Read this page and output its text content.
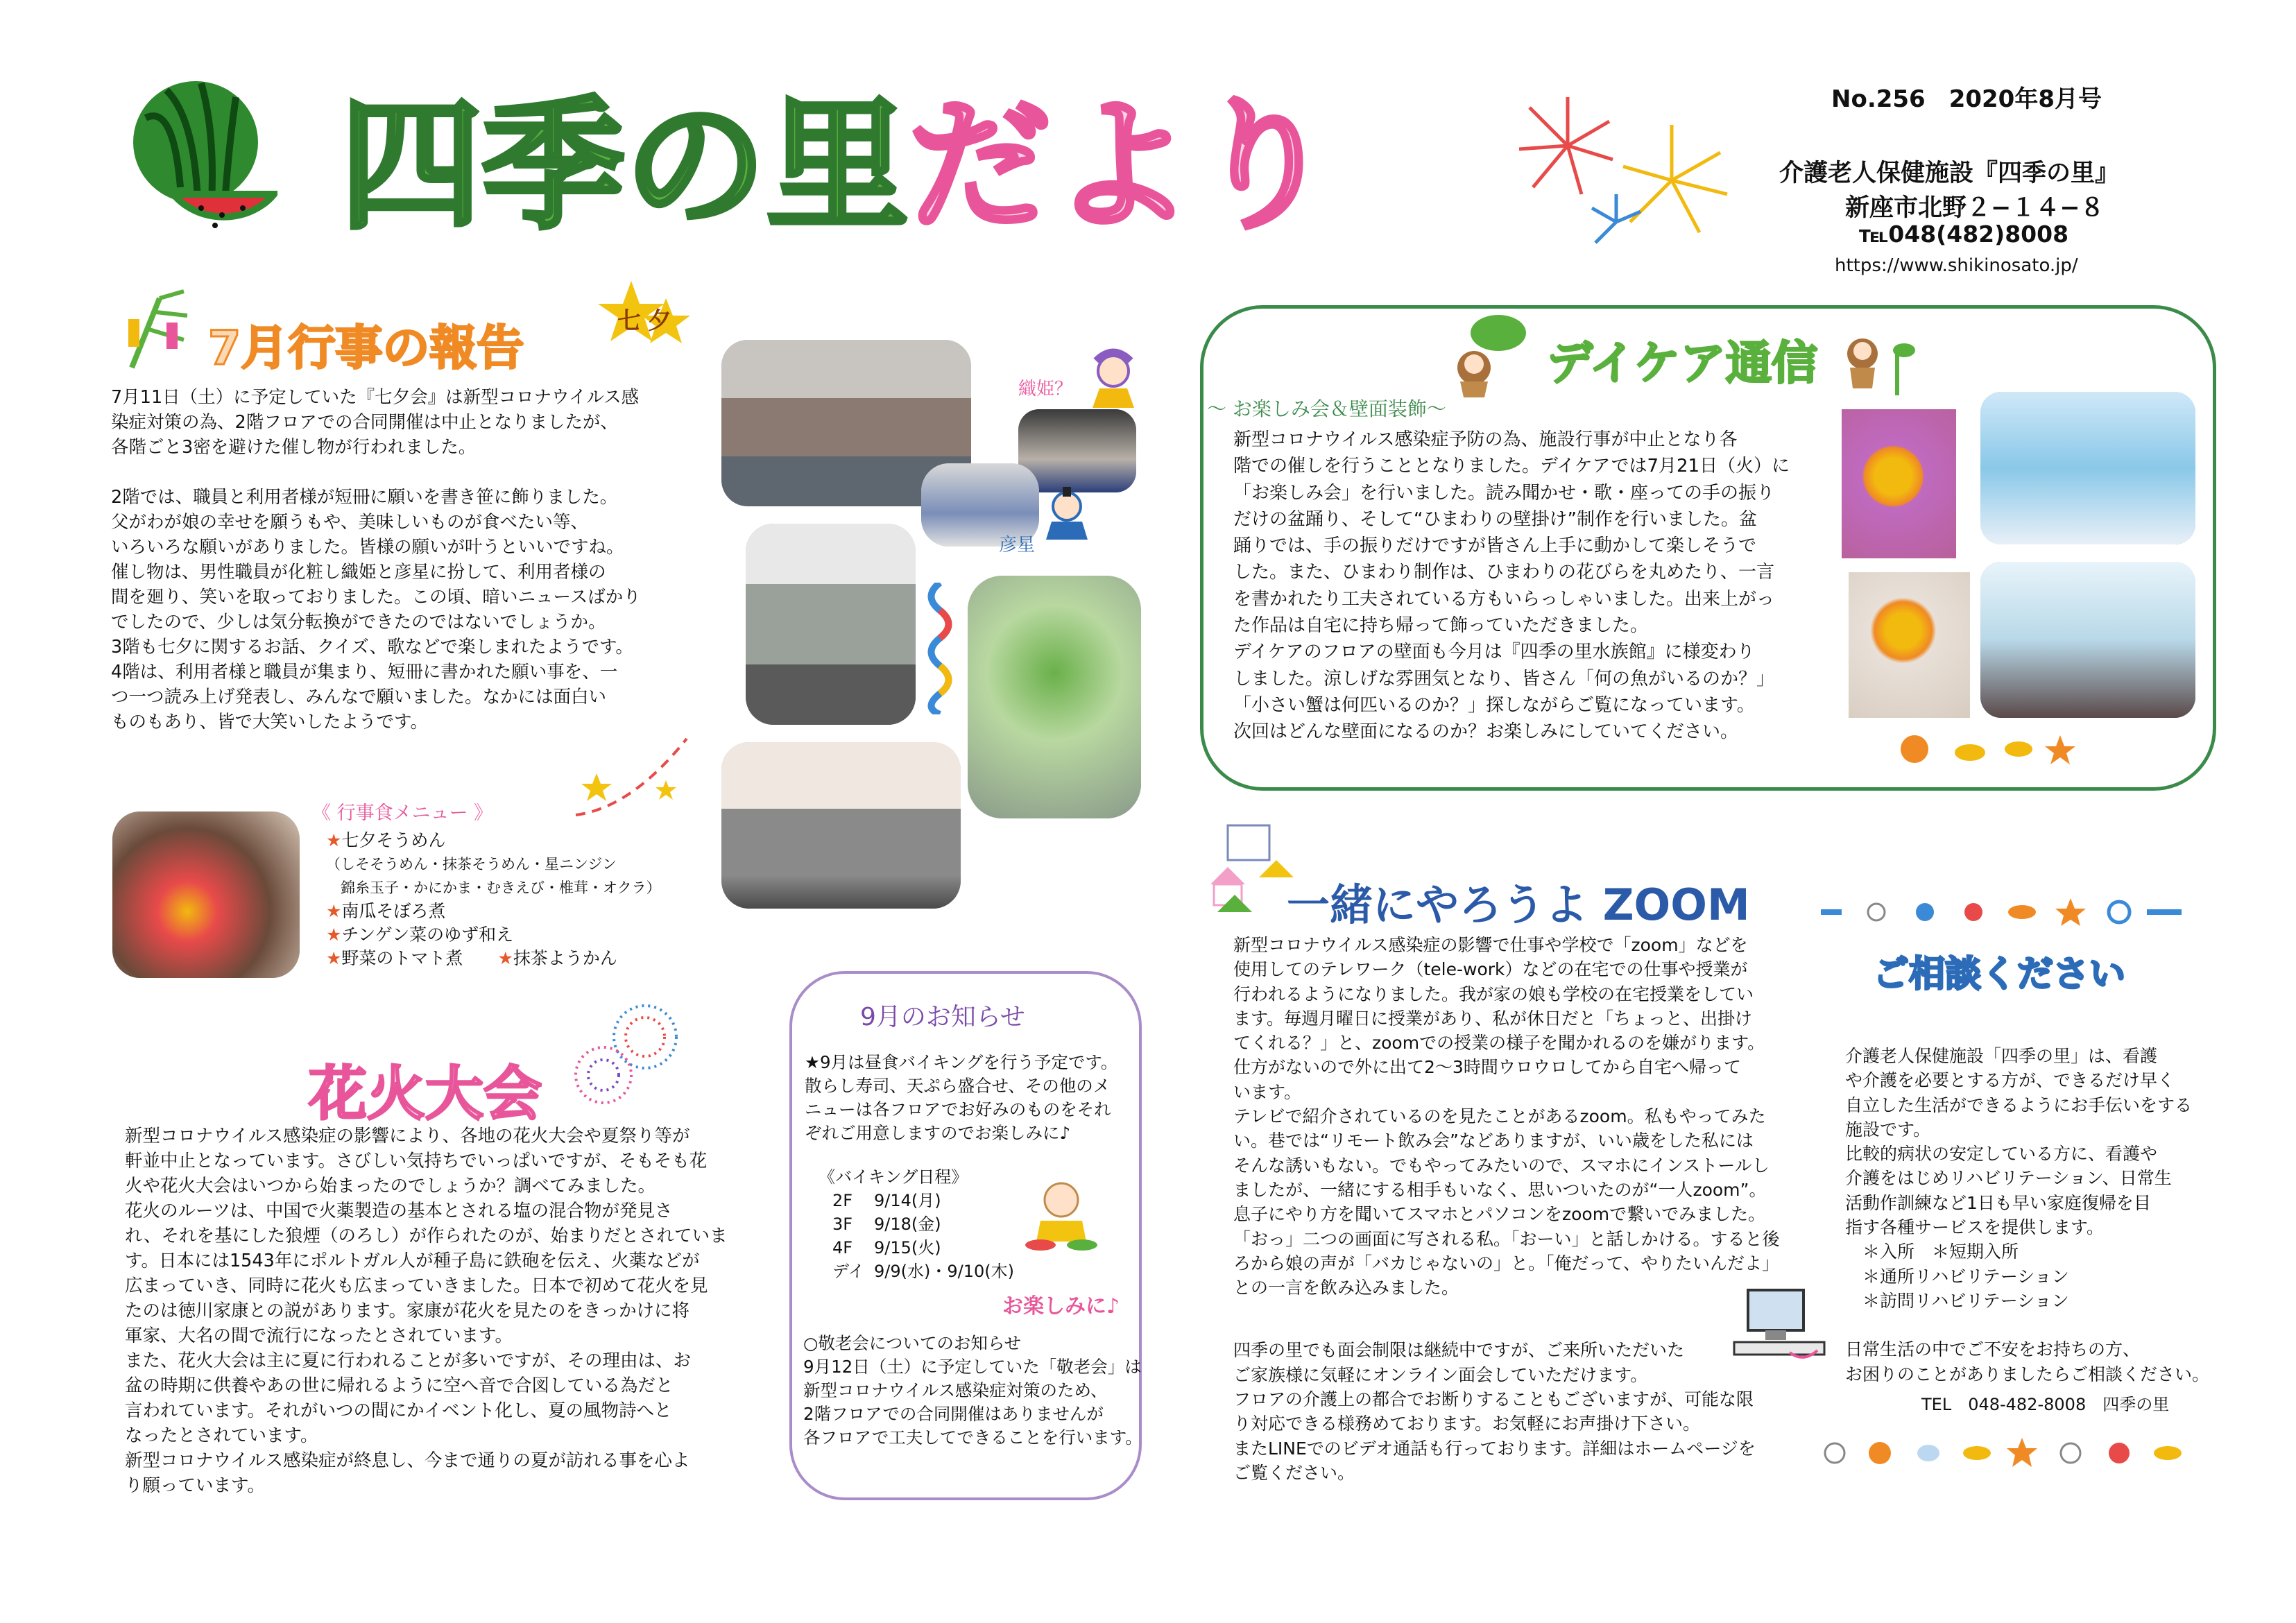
四季の里だより	No.256　2020年8月号
介護老人保健施設『四季の里』
新座市北野２−１４−８
℡048(482)8008
https://www.shikinosato.jp/
7月行事の報告	七夕

7月11日（土）に予定していた『七夕会』は新型コロナウイルス感

染症対策の為、2階フロアでの合同開催は中止となりましたが、

各階ごと3密を避けた催し物が行われました。

2階では、職員と利用者様が短冊に願いを書き笹に飾りました。

父がわが娘の幸せを願うもや、美味しいものが食べたい等、

いろいろな願いがありました。皆様の願いが叶うといいですね。

催し物は、男性職員が化粧し織姫と彦星に扮して、利用者様の

間を廻り、笑いを取っておりました。この頃、暗いニュースばかり

でしたので、少しは気分転換ができたのではないでしょうか。

3階も七夕に関するお話、クイズ、歌などで楽しまれたようです。

4階は、利用者様と職員が集まり、短冊に書かれた願い事を、一

つ一つ読み上げ発表し、みんなで願いました。なかには面白い

ものもあり、皆で大笑いしたようです。

織姫？
彦星
《 行事食メニュー 》

★七夕そうめん

（しそそうめん・抹茶そうめん・星ニンジン

　錦糸玉子・かにかま・むきえび・椎茸・オクラ）

★南瓜そぼろ煮

★チンゲン菜のゆず和え

★野菜のトマト煮　　★抹茶ようかん

花火大会

新型コロナウイルス感染症の影響により、各地の花火大会や夏祭り等が

軒並中止となっています。さびしい気持ちでいっぱいですが、そもそも花

火や花火大会はいつから始まったのでしょうか？調べてみました。

花火のルーツは、中国で火薬製造の基本とされる塩の混合物が発見さ

れ、それを基にした狼煙（のろし）が作られたのが、始まりだとされていま

す。日本には1543年にポルトガル人が種子島に鉄砲を伝え、火薬などが

広まっていき、同時に花火も広まっていきました。日本で初めて花火を見

たのは徳川家康との説があります。家康が花火を見たのをきっかけに将

軍家、大名の間で流行になったとされています。

また、花火大会は主に夏に行われることが多いですが、その理由は、お

盆の時期に供養やあの世に帰れるように空へ音で合図している為だと

言われています。それがいつの間にかイベント化し、夏の風物詩へと

なったとされています。

新型コロナウイルス感染症が終息し、今まで通りの夏が訪れる事を心よ

り願っています。

9月のお知らせ

★9月は昼食バイキングを行う予定です。

散らし寿司、天ぷら盛合せ、その他のメ

ニューは各フロアでお好みのものをそれ

ぞれご用意しますのでお楽しみに♪

《バイキング日程》

2F 9/14(月)

3F 9/18(金)

4F 9/15(火)

デイ 9/9(水)・9/10(木)

お楽しみに♪

○敬老会についてのお知らせ

9月12日（土）に予定していた「敬老会」は

新型コロナウイルス感染症対策のため、

2階フロアでの合同開催はありませんが

各フロアで工夫してできることを行います。

デイケア通信
～ お楽しみ会＆壁面装飾～

新型コロナウイルス感染症予防の為、施設行事が中止となり各

階での催しを行うこととなりました。デイケアでは7月21日（火）に

「お楽しみ会」を行いました。読み聞かせ・歌・座っての手の振り

だけの盆踊り、そして“ひまわりの壁掛け”制作を行いました。盆

踊りでは、手の振りだけですが皆さん上手に動かして楽しそうで

した。また、ひまわり制作は、ひまわりの花びらを丸めたり、一言

を書かれたり工夫されている方もいらっしゃいました。出来上がっ

た作品は自宅に持ち帰って飾っていただきました。

デイケアのフロアの壁面も今月は『四季の里水族館』に様変わり

しました。涼しげな雰囲気となり、皆さん「何の魚がいるのか？」

「小さい蟹は何匹いるのか？」探しながらご覧になっています。

次回はどんな壁面になるのか？お楽しみにしていてください。

一緒にやろうよ ZOOM

新型コロナウイルス感染症の影響で仕事や学校で「zoom」などを

使用してのテレワーク（tele-work）などの在宅での仕事や授業が

行われるようになりました。我が家の娘も学校の在宅授業をしてい

ます。毎週月曜日に授業があり、私が休日だと「ちょっと、出掛け

てくれる？」と、zoomでの授業の様子を聞かれるのを嫌がります。

仕方がないので外に出て2〜3時間ウロウロしてから自宅へ帰って

います。

テレビで紹介されているのを見たことがあるzoom。私もやってみた

い。巷では“リモート飲み会”などありますが、いい歳をした私には

そんな誘いもない。でもやってみたいので、スマホにインストールし

ましたが、一緒にする相手もいなく、思いついたのが“一人zoom”。

息子にやり方を聞いてスマホとパソコンをzoomで繋いでみました。

「おっ」二つの画面に写される私。「おーい」と話しかける。すると後

ろから娘の声が「バカじゃないの」と。「俺だって、やりたいんだよ」

との一言を飲み込みました。

四季の里でも面会制限は継続中ですが、ご来所いただいた

ご家族様に気軽にオンライン面会していただけます。

フロアの介護上の都合でお断りすることもございますが、可能な限

り対応できる様務めております。お気軽にお声掛け下さい。

またLINEでのビデオ通話も行っております。詳細はホームページを

ご覧ください。

ご相談ください

介護老人保健施設「四季の里」は、看護

や介護を必要とする方が、できるだけ早く

自立した生活ができるようにお手伝いをする

施設です。

比較的病状の安定している方に、看護や

介護をはじめリハビリテーション、日常生

活動作訓練など1日も早い家庭復帰を目

指す各種サービスを提供します。

　＊入所　＊短期入所

　＊通所リハビリテーション

　＊訪問リハビリテーション

日常生活の中でご不安をお持ちの方、

お困りのことがありましたらご相談ください。

TEL　048-482-8008　四季の里
